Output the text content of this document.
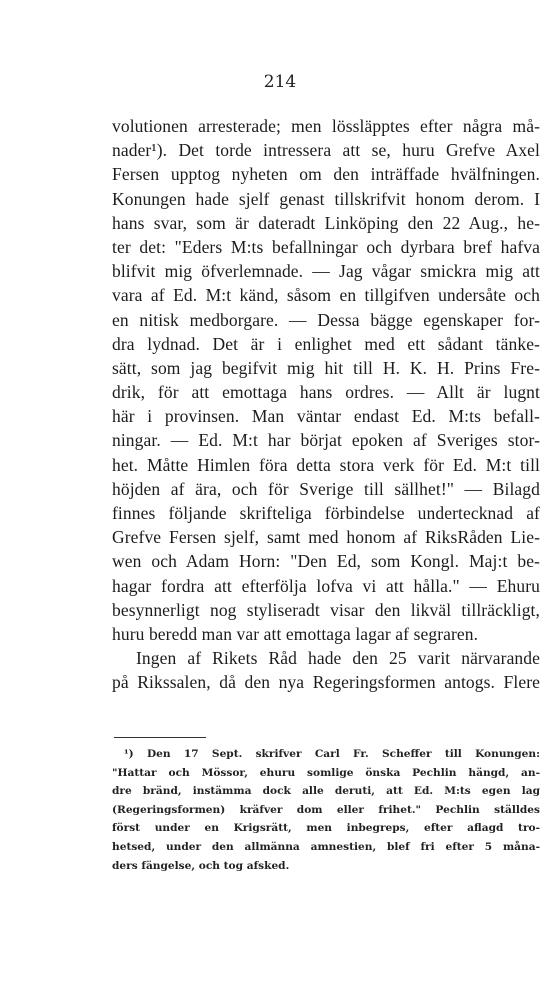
214
volutionen arresterade; men lössläpptes efter några må-
nader¹). Det torde intressera att se, huru Grefve Axel
Fersen upptog nyheten om den inträffade hvälfningen.
Konungen hade sjelf genast tillskrifvit honom derom. I
hans svar, som är dateradt Linköping den 22 Aug., he-
ter det: "Eders M:ts befallningar och dyrbara bref hafva
blifvit mig öfverlemnade. — Jag vågar smickra mig att
vara af Ed. M:t känd, såsom en tillgifven undersåte och
en nitisk medborgare. — Dessa bägge egenskaper for-
dra lydnad. Det är i enlighet med ett sådant tänke-
sätt, som jag begifvit mig hit till H. K. H. Prins Fre-
drik, för att emottaga hans ordres. — Allt är lugnt
här i provinsen. Man väntar endast Ed. M:ts befall-
ningar. — Ed. M:t har börjat epoken af Sveriges stor-
het. Måtte Himlen föra detta stora verk för Ed. M:t till
höjden af ära, och för Sverige till sällhet!" — Bilagd
finnes följande skrifteliga förbindelse undertecknad af
Grefve Fersen sjelf, samt med honom af RiksRåden Lie-
wen och Adam Horn: "Den Ed, som Kongl. Maj:t be-
hagar fordra att efterfölja lofva vi att hålla." — Ehuru
besynnerligt nog styliseradt visar den likväl tillräckligt,
huru beredd man var att emottaga lagar af segraren.
Ingen af Rikets Råd hade den 25 varit närvarande
på Rikssalen, då den nya Regeringsformen antogs. Flere
¹) Den 17 Sept. skrifver Carl Fr. Scheffer till Konungen:
"Hattar och Mössor, ehuru somlige önska Pechlin hängd, an-
dre bränd, instämma dock alle deruti, att Ed. M:ts egen lag
(Regeringsformen) kräfver dom eller frihet." Pechlin ställdes
först under en Krigsrätt, men inbegreps, efter aflagd tro-
hetsed, under den allmänna amnestien, blef fri efter 5 måna-
ders fängelse, och tog afsked.
